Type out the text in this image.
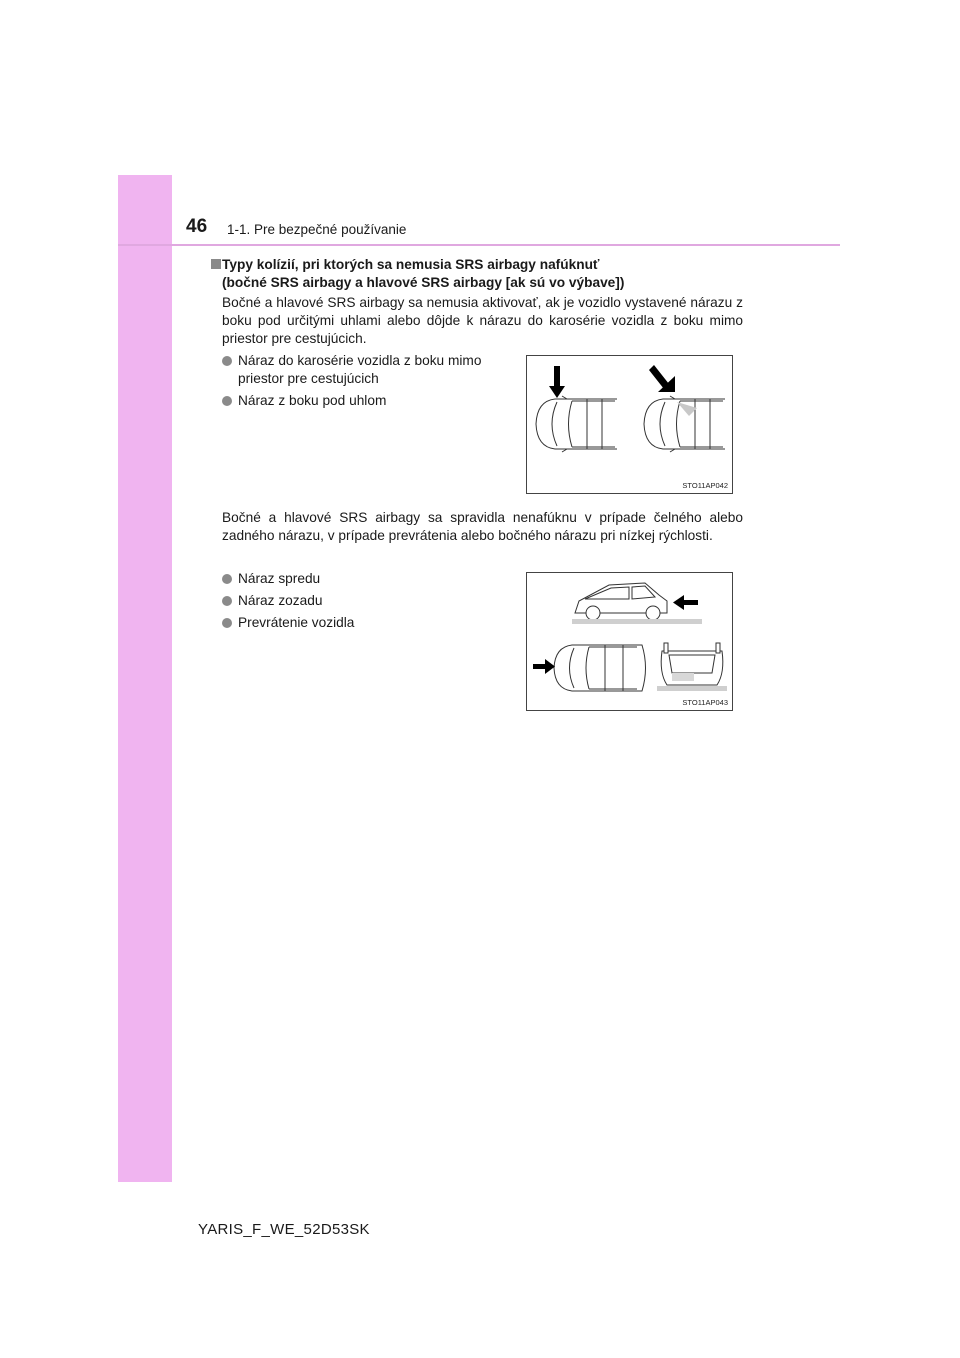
46 1-1. Pre bezpečné používanie
Typy kolízií, pri ktorých sa nemusia SRS airbagy nafúknuť
(bočné SRS airbagy a hlavové SRS airbagy [ak sú vo výbave])
Bočné a hlavové SRS airbagy sa nemusia aktivovať, ak je vozidlo vystavené nárazu z boku pod určitými uhlami alebo dôjde k nárazu do karosérie vozidla z boku mimo priestor pre cestujúcich.
Náraz do karosérie vozidla z boku mimo priestor pre cestujúcich
Náraz z boku pod uhlom
STO11AP042
Bočné a hlavové SRS airbagy sa spravidla nenafúknu v prípade čelného alebo zadného nárazu, v prípade prevrátenia alebo bočného nárazu pri nízkej rýchlosti.
Náraz spredu
Náraz zozadu
Prevrátenie vozidla
STO11AP043
YARIS_F_WE_52D53SK
